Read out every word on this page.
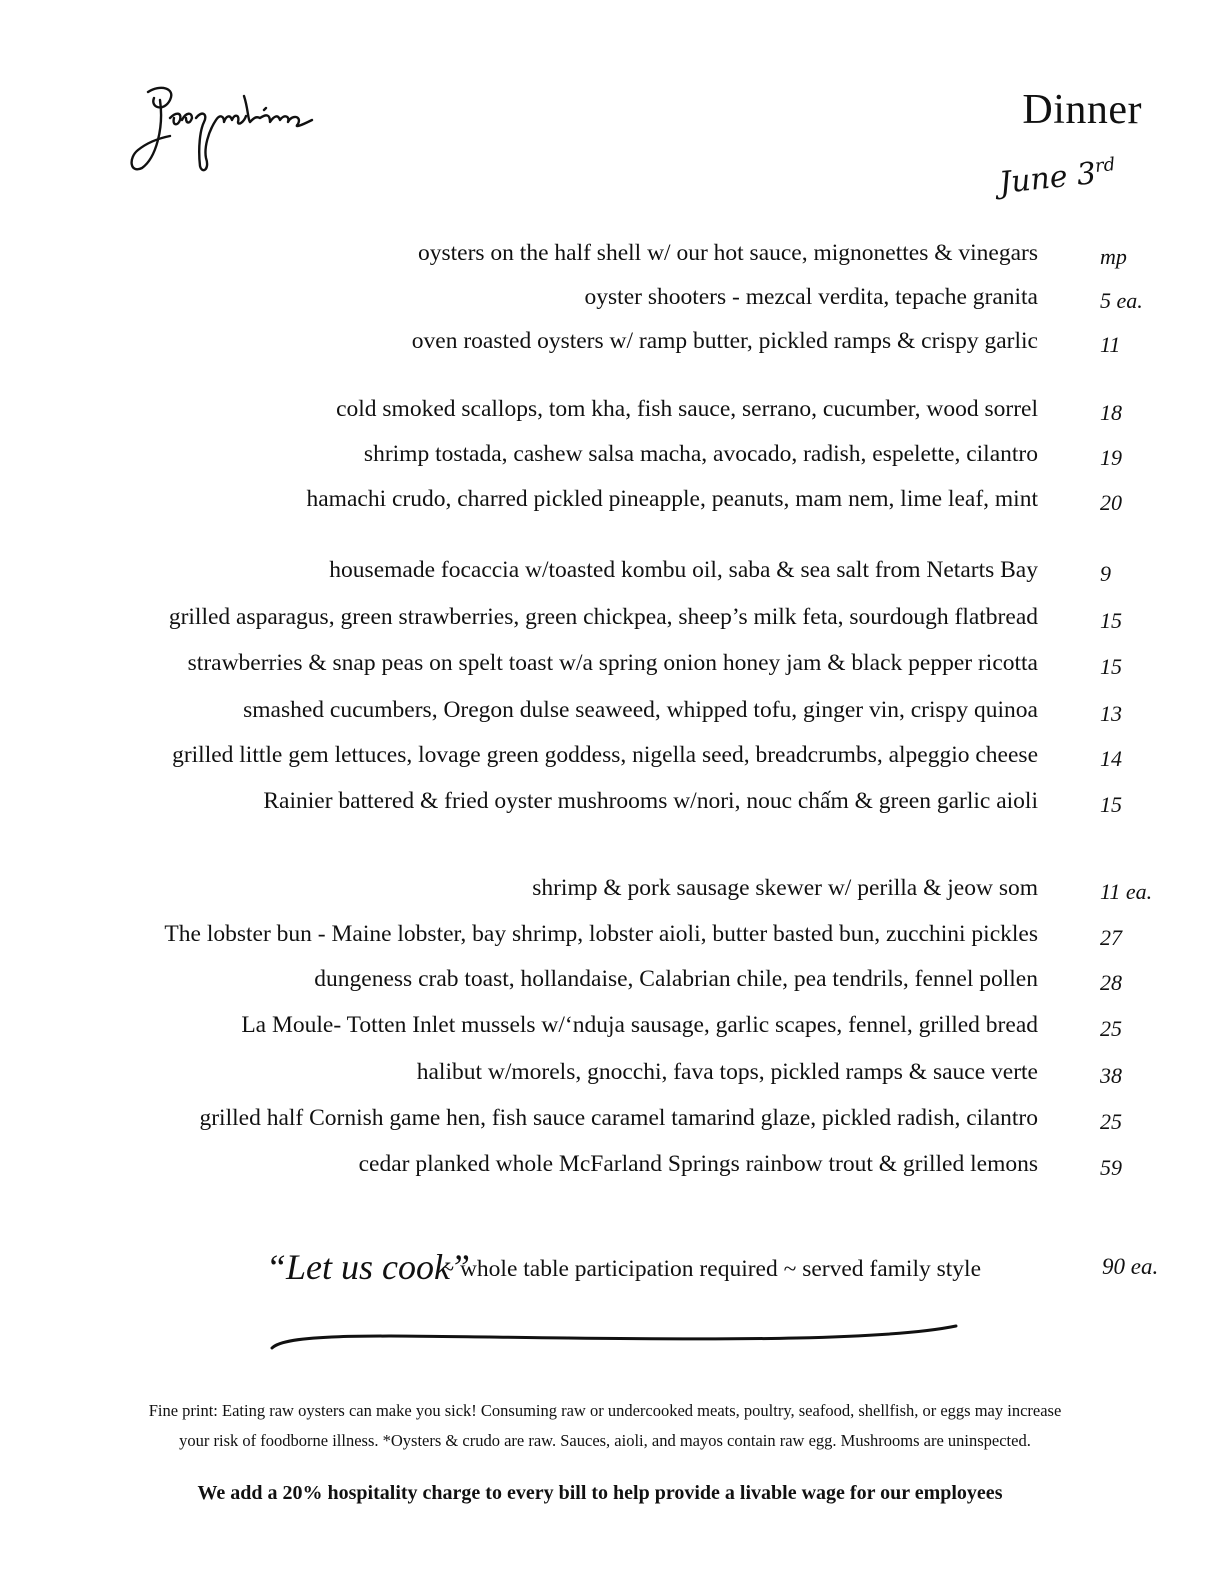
Dinner
June 3rd
oysters on the half shell w/ our hot sauce, mignonettes & vinegars	mp
oyster shooters - mezcal verdita, tepache granita	5 ea.
oven roasted oysters w/ ramp butter, pickled ramps & crispy garlic	11
cold smoked scallops, tom kha, fish sauce, serrano, cucumber, wood sorrel	18
shrimp tostada, cashew salsa macha, avocado, radish, espelette, cilantro	19
hamachi crudo, charred pickled pineapple, peanuts, mam nem, lime leaf, mint	20
housemade focaccia w/toasted kombu oil, saba & sea salt from Netarts Bay	9
grilled asparagus, green strawberries, green chickpea, sheep’s milk feta, sourdough flatbread	15
strawberries & snap peas on spelt toast w/a spring onion honey jam & black pepper ricotta	15
smashed cucumbers, Oregon dulse seaweed, whipped tofu, ginger vin, crispy quinoa	13
grilled little gem lettuces, lovage green goddess, nigella seed, breadcrumbs, alpeggio cheese	14
Rainier battered & fried oyster mushrooms w/nori, nouc chấm & green garlic aioli	15
shrimp & pork sausage skewer w/ perilla & jeow som	11 ea.
The lobster bun - Maine lobster, bay shrimp, lobster aioli, butter basted bun, zucchini pickles	27
dungeness crab toast, hollandaise, Calabrian chile, pea tendrils, fennel pollen	28
La Moule- Totten Inlet mussels w/‘nduja sausage, garlic scapes, fennel, grilled bread	25
halibut w/morels, gnocchi, fava tops, pickled ramps & sauce verte	38
grilled half Cornish game hen, fish sauce caramel tamarind glaze, pickled radish, cilantro	25
cedar planked whole McFarland Springs rainbow trout & grilled lemons	59
“Let us cook”
~ whole table participation required ~ served family style	90 ea.
Fine print: Eating raw oysters can make you sick! Consuming raw or undercooked meats, poultry, seafood, shellfish, or eggs may increase
your risk of foodborne illness. *Oysters & crudo are raw. Sauces, aioli, and mayos contain raw egg. Mushrooms are uninspected.
We add a 20% hospitality charge to every bill to help provide a livable wage for our employees
